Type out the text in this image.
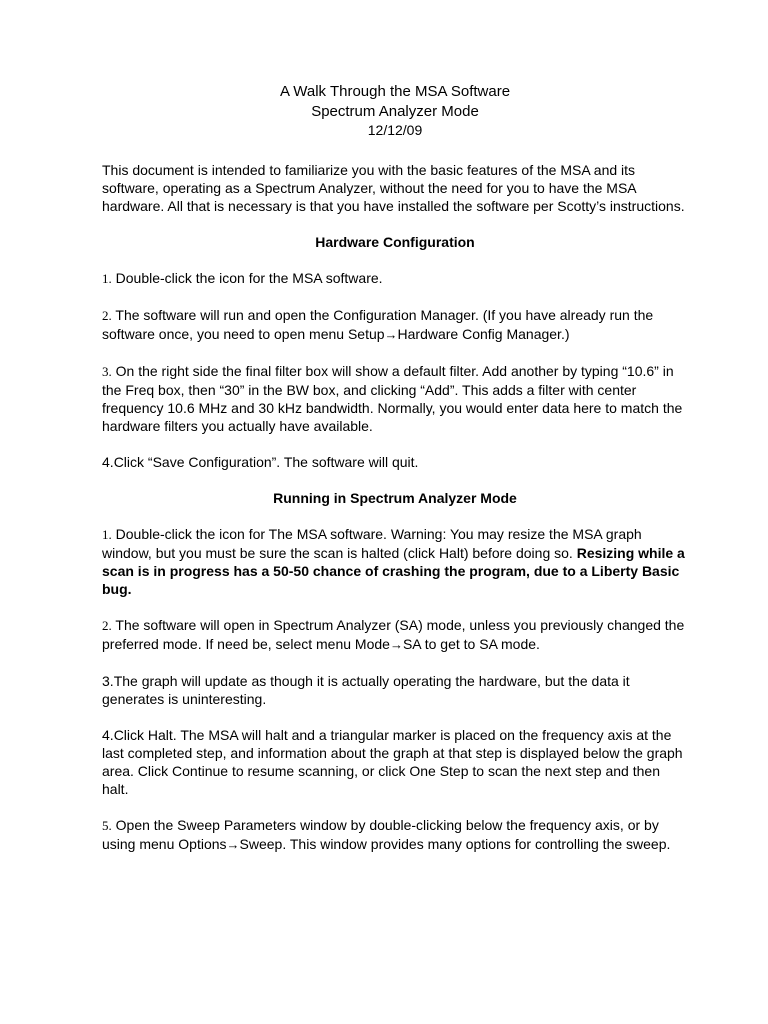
A Walk Through the MSA Software
Spectrum Analyzer Mode
12/12/09

This document is intended to familiarize you with the basic features of the MSA and its software, operating as a Spectrum Analyzer, without the need for you to have the MSA hardware. All that is necessary is that you have installed the software per Scotty’s instructions.

Hardware Configuration

1. Double-click the icon for the MSA software.

2. The software will run and open the Configuration Manager. (If you have already run the software once, you need to open menu Setup→Hardware Config Manager.)

3. On the right side the final filter box will show a default filter. Add another by typing “10.6” in the Freq box, then “30” in the BW box, and clicking “Add”. This adds a filter with center frequency 10.6 MHz and 30 kHz bandwidth. Normally, you would enter data here to match the hardware filters you actually have available.

4.Click “Save Configuration”. The software will quit.

Running in Spectrum Analyzer Mode

1. Double-click the icon for The MSA software. Warning: You may resize the MSA graph window, but you must be sure the scan is halted (click Halt) before doing so. Resizing while a scan is in progress has a 50-50 chance of crashing the program, due to a Liberty Basic bug.

2. The software will open in Spectrum Analyzer (SA) mode, unless you previously changed the preferred mode. If need be, select menu Mode→SA to get to SA mode.

3.The graph will update as though it is actually operating the hardware, but the data it generates is uninteresting.

4.Click Halt. The MSA will halt and a triangular marker is placed on the frequency axis at the last completed step, and information about the graph at that step is displayed below the graph area. Click Continue to resume scanning, or click One Step to scan the next step and then halt.

5. Open the Sweep Parameters window by double-clicking below the frequency axis, or by using menu Options→Sweep. This window provides many options for controlling the sweep.
